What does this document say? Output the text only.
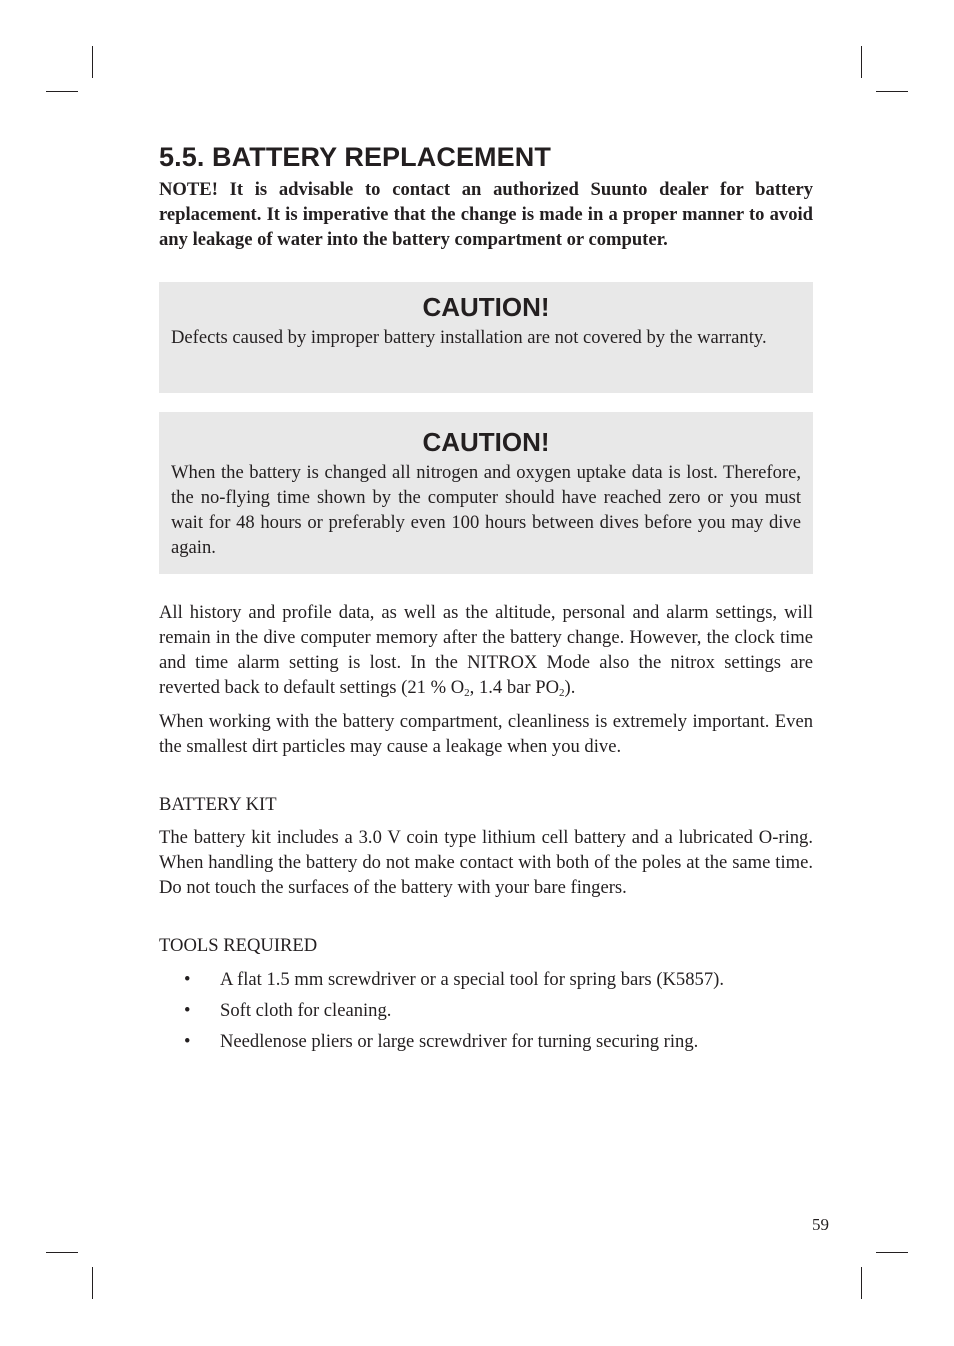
5.5. BATTERY REPLACEMENT

NOTE! It is advisable to contact an authorized Suunto dealer for battery replacement. It is imperative that the change is made in a proper manner to avoid any leakage of water into the battery compartment or computer.

CAUTION!

Defects caused by improper battery installation are not covered by the warranty.

CAUTION!

When the battery is changed all nitrogen and oxygen uptake data is lost. Therefore, the no-flying time shown by the computer should have reached zero or you must wait for 48 hours or preferably even 100 hours between dives before you may dive again.

All history and profile data, as well as the altitude, personal and alarm settings, will remain in the dive computer memory after the battery change. However, the clock time and time alarm setting is lost. In the NITROX Mode also the nitrox settings are reverted back to default settings (21 % $O_2$, 1.4 bar $PO_2$).

When working with the battery compartment, cleanliness is extremely important. Even the smallest dirt particles may cause a leakage when you dive.

BATTERY KIT

The battery kit includes a 3.0 V coin type lithium cell battery and a lubricated O-ring. When handling the battery do not make contact with both of the poles at the same time. Do not touch the surfaces of the battery with your bare fingers.

TOOLS REQUIRED

• A flat 1.5 mm screwdriver or a special tool for spring bars (K5857).
• Soft cloth for cleaning.
• Needlenose pliers or large screwdriver for turning securing ring.
59
